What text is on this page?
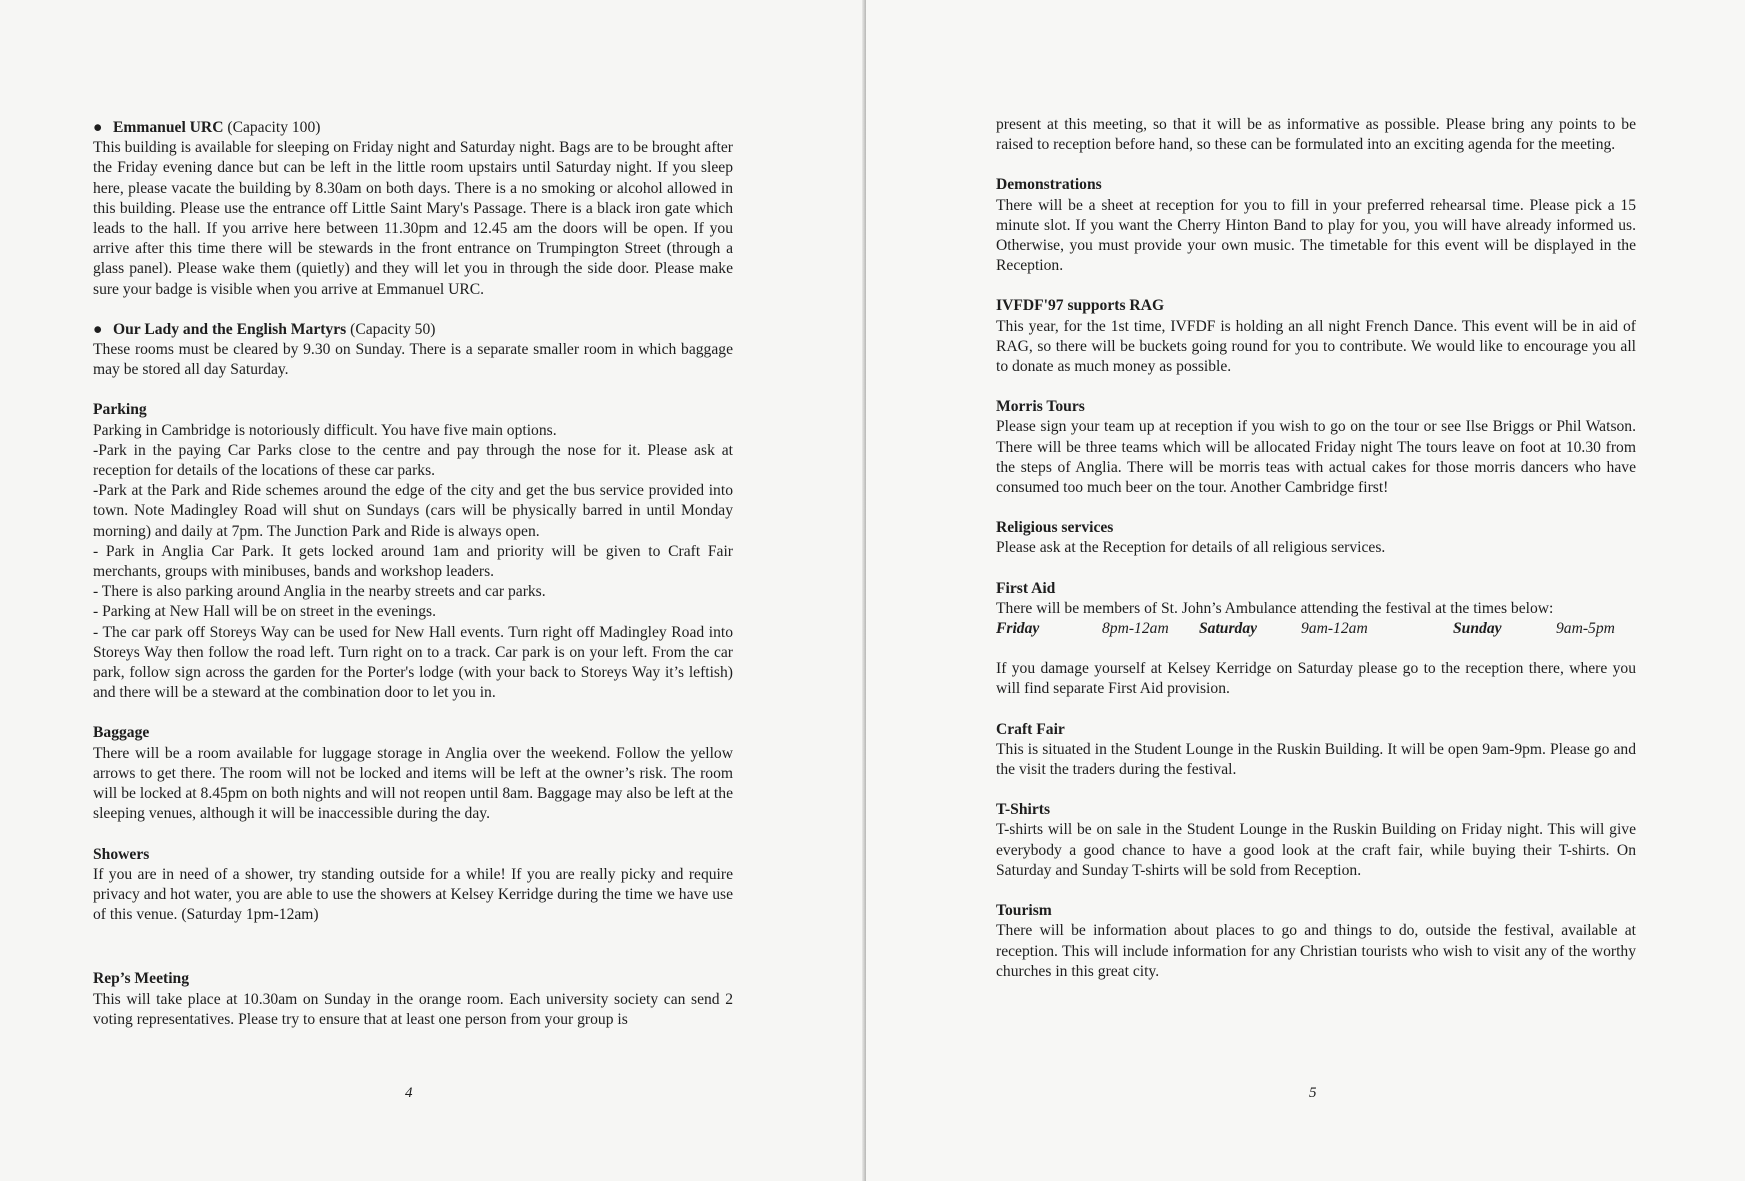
● Emmanuel URC (Capacity 100)

This building is available for sleeping on Friday night and Saturday night. Bags are to be brought after the Friday evening dance but can be left in the little room upstairs until Saturday night. If you sleep here, please vacate the building by 8.30am on both days. There is a no smoking or alcohol allowed in this building. Please use the entrance off Little Saint Mary's Passage. There is a black iron gate which leads to the hall. If you arrive here between 11.30pm and 12.45 am the doors will be open. If you arrive after this time there will be stewards in the front entrance on Trumpington Street (through a glass panel). Please wake them (quietly) and they will let you in through the side door. Please make sure your badge is visible when you arrive at Emmanuel URC.

● Our Lady and the English Martyrs (Capacity 50)

These rooms must be cleared by 9.30 on Sunday. There is a separate smaller room in which baggage may be stored all day Saturday.

Parking

Parking in Cambridge is notoriously difficult. You have five main options.

-Park in the paying Car Parks close to the centre and pay through the nose for it. Please ask at reception for details of the locations of these car parks.

-Park at the Park and Ride schemes around the edge of the city and get the bus service provided into town. Note Madingley Road will shut on Sundays (cars will be physically barred in until Monday morning) and daily at 7pm. The Junction Park and Ride is always open.

- Park in Anglia Car Park. It gets locked around 1am and priority will be given to Craft Fair merchants, groups with minibuses, bands and workshop leaders.

- There is also parking around Anglia in the nearby streets and car parks.

- Parking at New Hall will be on street in the evenings.

- The car park off Storeys Way can be used for New Hall events. Turn right off Madingley Road into Storeys Way then follow the road left. Turn right on to a track. Car park is on your left. From the car park, follow sign across the garden for the Porter's lodge (with your back to Storeys Way it’s leftish) and there will be a steward at the combination door to let you in.

Baggage

There will be a room available for luggage storage in Anglia over the weekend. Follow the yellow arrows to get there. The room will not be locked and items will be left at the owner’s risk. The room will be locked at 8.45pm on both nights and will not reopen until 8am. Baggage may also be left at the sleeping venues, although it will be inaccessible during the day.

Showers

If you are in need of a shower, try standing outside for a while! If you are really picky and require privacy and hot water, you are able to use the showers at Kelsey Kerridge during the time we have use of this venue. (Saturday 1pm-12am)

Rep’s Meeting

This will take place at 10.30am on Sunday in the orange room. Each university society can send 2 voting representatives. Please try to ensure that at least one person from your group is

4

present at this meeting, so that it will be as informative as possible. Please bring any points to be raised to reception before hand, so these can be formulated into an exciting agenda for the meeting.

Demonstrations

There will be a sheet at reception for you to fill in your preferred rehearsal time. Please pick a 15 minute slot. If you want the Cherry Hinton Band to play for you, you will have already informed us. Otherwise, you must provide your own music. The timetable for this event will be displayed in the Reception.

IVFDF'97 supports RAG

This year, for the 1st time, IVFDF is holding an all night French Dance. This event will be in aid of RAG, so there will be buckets going round for you to contribute. We would like to encourage you all to donate as much money as possible.

Morris Tours

Please sign your team up at reception if you wish to go on the tour or see Ilse Briggs or Phil Watson. There will be three teams which will be allocated Friday night The tours leave on foot at 10.30 from the steps of Anglia. There will be morris teas with actual cakes for those morris dancers who have consumed too much beer on the tour. Another Cambridge first!

Religious services

Please ask at the Reception for details of all religious services.

First Aid

There will be members of St. John’s Ambulance attending the festival at the times below:

Friday	8pm-12am Saturday	9am-12am	Sunday	9am-5pm

If you damage yourself at Kelsey Kerridge on Saturday please go to the reception there, where you will find separate First Aid provision.

Craft Fair

This is situated in the Student Lounge in the Ruskin Building. It will be open 9am-9pm. Please go and the visit the traders during the festival.

T-Shirts

T-shirts will be on sale in the Student Lounge in the Ruskin Building on Friday night. This will give everybody a good chance to have a good look at the craft fair, while buying their T-shirts. On Saturday and Sunday T-shirts will be sold from Reception.

Tourism

There will be information about places to go and things to do, outside the festival, available at reception. This will include information for any Christian tourists who wish to visit any of the worthy churches in this great city.

5
